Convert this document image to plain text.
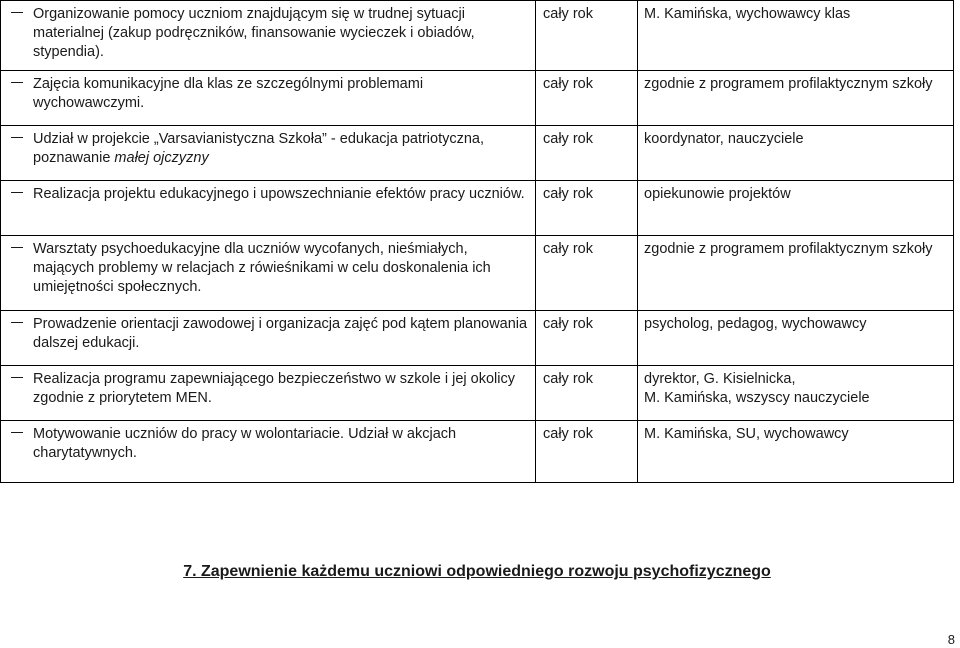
Organizowanie pomocy uczniom znajdującym się w trudnej sytuacji materialnej (zakup podręczników, finansowanie wycieczek i obiadów, stypendia).	cały rok	M. Kamińska, wychowawcy klas

Zajęcia komunikacyjne dla klas ze szczególnymi problemami wychowawczymi.	cały rok	zgodnie z programem profilaktycznym szkoły

Udział w projekcie „Varsavianistyczna Szkoła” - edukacja patriotyczna, poznawanie małej ojczyzny	cały rok	koordynator, nauczyciele

Realizacja projektu edukacyjnego i upowszechnianie efektów pracy uczniów.	cały rok	opiekunowie projektów

Warsztaty psychoedukacyjne dla uczniów wycofanych, nieśmiałych, mających problemy w relacjach z rówieśnikami w celu doskonalenia ich umiejętności społecznych.	cały rok	zgodnie z programem profilaktycznym szkoły

Prowadzenie orientacji zawodowej i organizacja zajęć pod kątem planowania dalszej edukacji.	cały rok	psycholog, pedagog, wychowawcy

Realizacja programu zapewniającego bezpieczeństwo w szkole i jej okolicy zgodnie z priorytetem MEN.	cały rok	dyrektor, G. Kisielnicka,
M. Kamińska, wszyscy nauczyciele

Motywowanie uczniów do pracy w wolontariacie. Udział w akcjach charytatywnych.	cały rok	M. Kamińska, SU, wychowawcy
7. Zapewnienie każdemu uczniowi odpowiedniego rozwoju psychofizycznego
8
